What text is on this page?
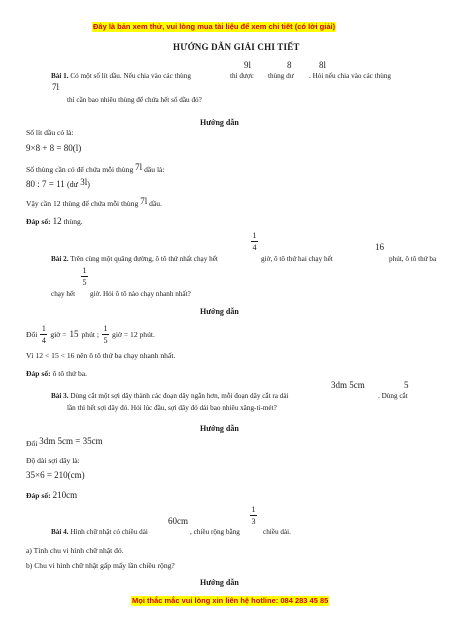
Đây là bản xem thử, vui lòng mua tài liệu để xem chi tiết (có lời giải)
HƯỚNG DẪN GIẢI CHI TIẾT
9l	8	8l
Bài 1. Có một số lít dầu. Nếu chia vào các thùng	thì được thùng dư . Hỏi nếu chia vào các thùng
7l
thì cần bao nhiêu thùng để chứa hết số dầu đó?
Hướng dẫn
Số lít dầu có là:
9×8 + 8 = 80(l)
Số thùng cần có để chứa mỗi thùng 7l dầu là:
80 : 7 = 11 (dư 3l)
Vậy cần 12 thùng để chứa mỗi thùng 7l dầu.
Đáp số: 12 thùng.
$\frac{1}{4}$	16
Bài 2. Trên cùng một quãng đường, ô tô thứ nhất chạy hết	giờ, ô tô thứ hai chạy hết	phút, ô tô thứ ba
$\frac{1}{5}$
chạy hết giờ. Hỏi ô tô nào chạy nhanh nhất?
Hướng dẫn
Đổi $\frac{1}{4}$ giờ = 15 phút ; $\frac{1}{5}$ giờ = 12 phút.
Vì 12 < 15 < 16 nên ô tô thứ ba chạy nhanh nhất.
Đáp số: ô tô thứ ba.
3dm 5cm	5
Bài 3. Dùng cắt một sợi dây thành các đoạn dây ngắn hơn, mỗi đoạn dây cắt ra dài	. Dùng cắt
lần thì hết sợi dây đó. Hỏi lúc đầu, sợi dây đó dài bao nhiêu xăng-ti-mét?
Hướng dẫn
Đổi 3dm 5cm = 35cm
Độ dài sợi dây là:
35×6 = 210(cm)
Đáp số: 210cm
$\frac{1}{3}$
60cm
Bài 4. Hình chữ nhật có chiều dài	, chiều rộng bằng	chiều dài.
a) Tính chu vi hình chữ nhật đó.
b) Chu vi hình chữ nhật gấp mấy lần chiều rộng?
Hướng dẫn
Mọi thắc mắc vui lòng xin liên hệ hotline: 084 283 45 85
